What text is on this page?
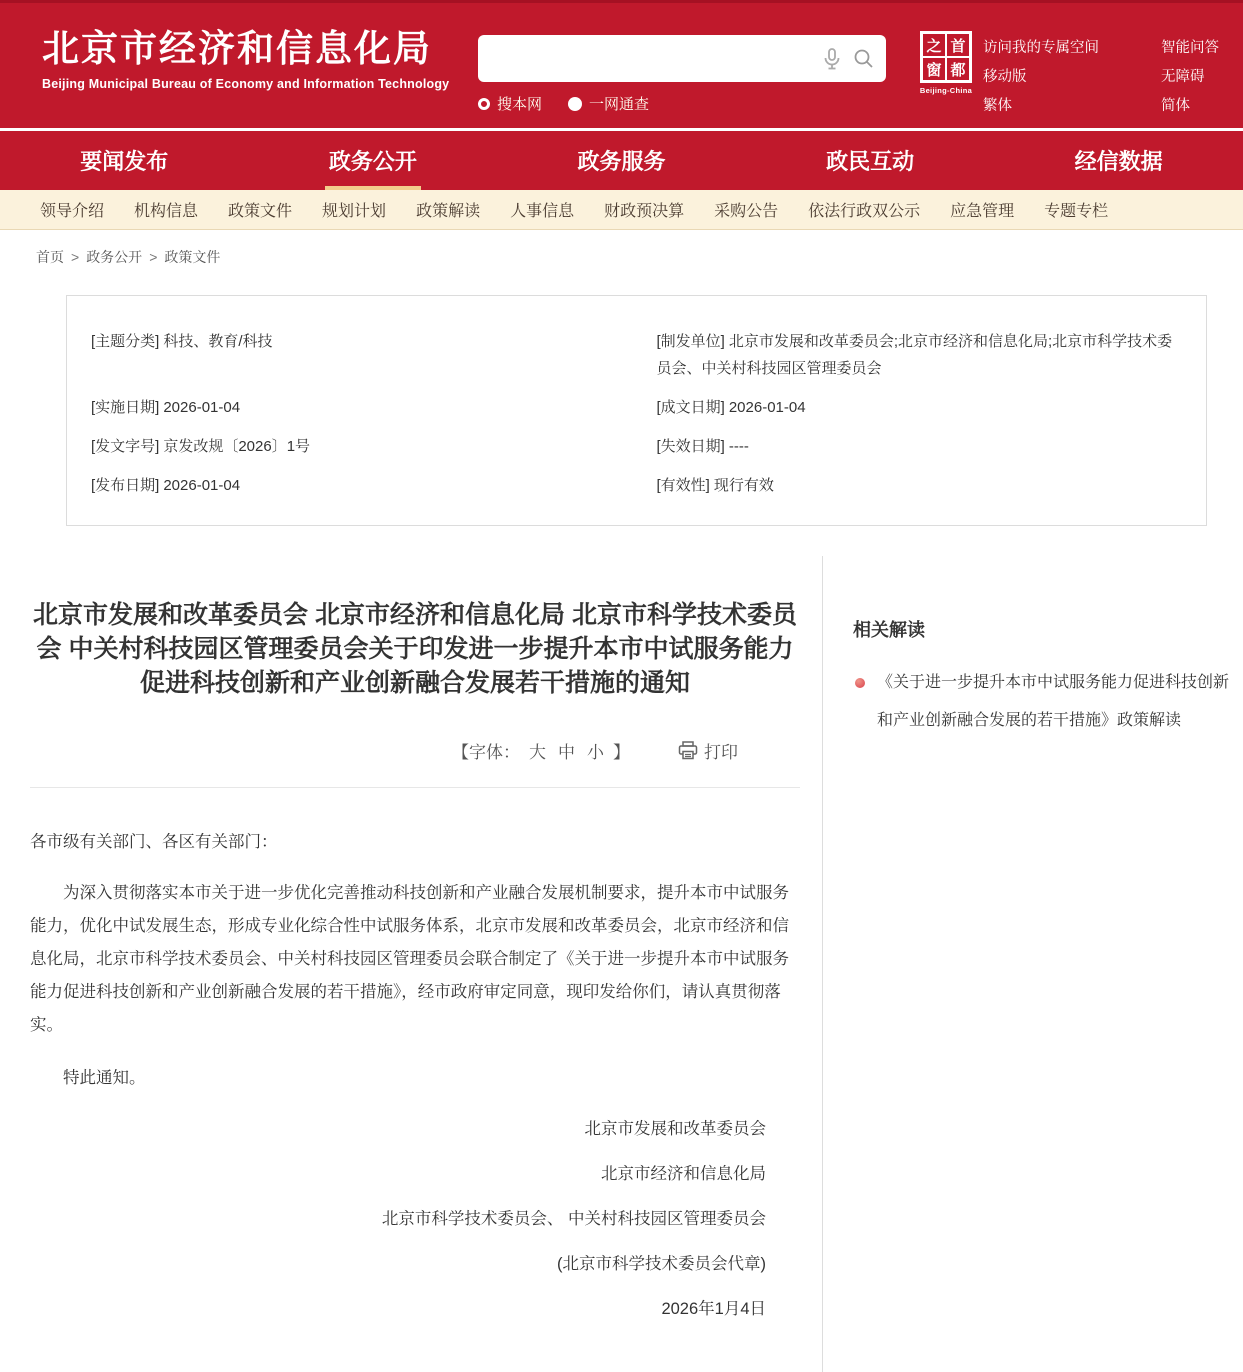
北京市经济和信息化局
Beijing Municipal Bureau of Economy and Information Technology
搜本网	一网通查
之 首
窗 都
Beijing-China
访问我的专属空间
移动版
繁体
智能问答
无障碍
简体
要闻发布	政务公开	政务服务	政民互动	经信数据
领导介绍 机构信息 政策文件 规划计划 政策解读 人事信息 财政预决算 采购公告 依法行政双公示 应急管理 专题专栏
首页 > 政务公开 > 政策文件
[主题分类] 科技、教育/科技	[制发单位] 北京市发展和改革委员会;北京市经济和信息化局;北京市科学技术委员会、中关村科技园区管理委员会
[实施日期] 2026-01-04	[成文日期] 2026-01-04
[发文字号] 京发改规〔2026〕1号	[失效日期] ----
[发布日期] 2026-01-04	[有效性] 现行有效
北京市发展和改革委员会 北京市经济和信息化局 北京市科学技术委员会 中关村科技园区管理委员会关于印发进一步提升本市中试服务能力促进科技创新和产业创新融合发展若干措施的通知
【字体： 大 中 小 】	打印

各市级有关部门、各区有关部门：

为深入贯彻落实本市关于进一步优化完善推动科技创新和产业融合发展机制要求，提升本市中试服务能力，优化中试发展生态，形成专业化综合性中试服务体系，北京市发展和改革委员会，北京市经济和信息化局，北京市科学技术委员会、中关村科技园区管理委员会联合制定了《关于进一步提升本市中试服务能力促进科技创新和产业创新融合发展的若干措施》，经市政府审定同意，现印发给你们，请认真贯彻落实。

特此通知。

北京市发展和改革委员会
北京市经济和信息化局
北京市科学技术委员会、 中关村科技园区管理委员会
(北京市科学技术委员会代章)
2026年1月4日
相关解读
《关于进一步提升本市中试服务能力促进科技创新和产业创新融合发展的若干措施》政策解读
